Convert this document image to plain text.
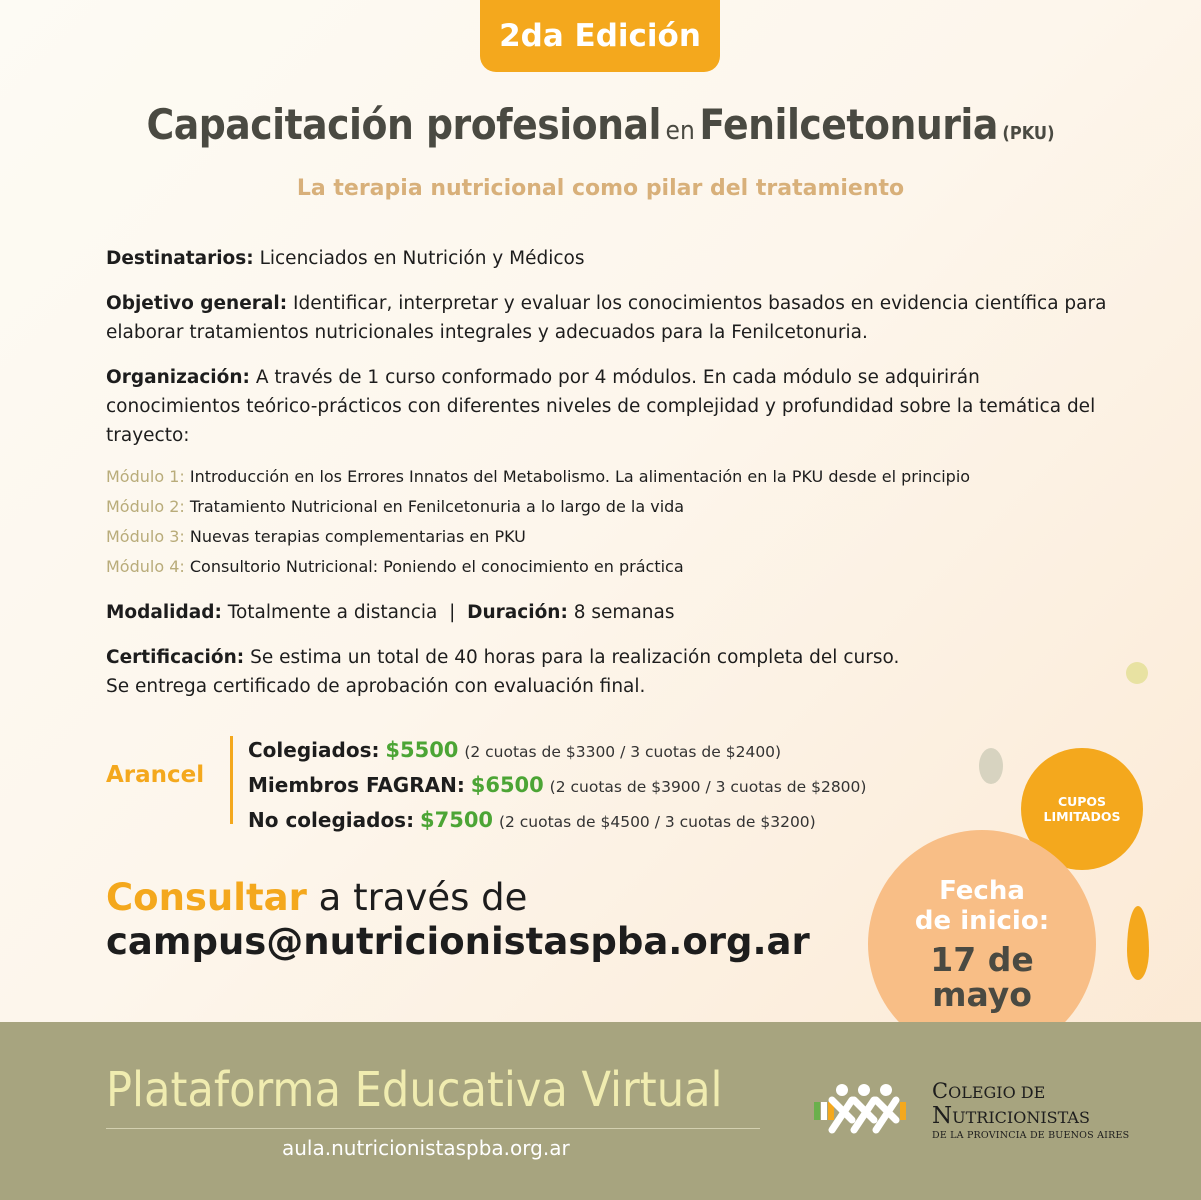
2da Edición
Capacitación profesional en Fenilcetonuria (PKU)
La terapia nutricional como pilar del tratamiento

Destinatarios: Licenciados en Nutrición y Médicos

Objetivo general: Identificar, interpretar y evaluar los conocimientos basados en evidencia científica para elaborar tratamientos nutricionales integrales y adecuados para la Fenilcetonuria.

Organización: A través de 1 curso conformado por 4 módulos. En cada módulo se adquirirán conocimientos teórico-prácticos con diferentes niveles de complejidad y profundidad sobre la temática del trayecto:

Módulo 1: Introducción en los Errores Innatos del Metabolismo. La alimentación en la PKU desde el principio
Módulo 2: Tratamiento Nutricional en Fenilcetonuria a lo largo de la vida
Módulo 3: Nuevas terapias complementarias en PKU
Módulo 4: Consultorio Nutricional: Poniendo el conocimiento en práctica

Modalidad: Totalmente a distancia | Duración: 8 semanas

Certificación: Se estima un total de 40 horas para la realización completa del curso.
Se entrega certificado de aprobación con evaluación final.

Arancel
Colegiados: $5500 (2 cuotas de $3300 / 3 cuotas de $2400)
Miembros FAGRAN: $6500 (2 cuotas de $3900 / 3 cuotas de $2800)
No colegiados: $7500 (2 cuotas de $4500 / 3 cuotas de $3200)
Consultar a través de
campus@nutricionistaspba.org.ar
CUPOS
LIMITADOS
Fecha
de inicio:
17 de
mayo
Plataforma Educativa Virtual
aula.nutricionistaspba.org.ar
COLEGIO DE
NUTRICIONISTAS
DE LA PROVINCIA DE BUENOS AIRES
